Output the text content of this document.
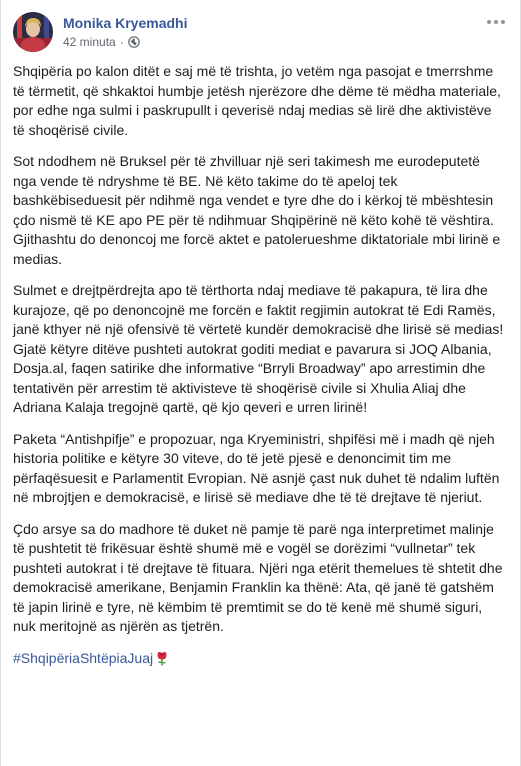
Monika Kryemadhi
42 minuta ·

Shqipëria po kalon ditët e saj më të trishta, jo vetëm nga pasojat e tmerrshme të tërmetit, që shkaktoi humbje jetësh njerëzore dhe dëme të mëdha materiale, por edhe nga sulmi i paskrupullt i qeverisë ndaj medias së lirë dhe aktivistëve të shoqërisë civile.

Sot ndodhem në Bruksel për të zhvilluar një seri takimesh me eurodeputetë nga vende të ndryshme të BE. Në këto takime do të apeloj tek bashkëbiseduesit për ndihmë nga vendet e tyre dhe do i kërkoj të mbështesin çdo nismë të KE apo PE për të ndihmuar Shqipërinë në këto kohë të vështira. Gjithashtu do denoncoj me forcë aktet e patolerueshme diktatoriale mbi lirinë e medias.

Sulmet e drejtpërdrejta apo të tërthorta ndaj mediave të pakapura, të lira dhe kurajoze, që po denoncojnë me forcën e faktit regjimin autokrat të Edi Ramës, janë kthyer në një ofensivë të vërtetë kundër demokracisë dhe lirisë së medias! Gjatë këtyre ditëve pushteti autokrat goditi mediat e pavarura si JOQ Albania, Dosja.al, faqen satirike dhe informative “Brryli Broadway” apo arrestimin dhe tentativën për arrestim të aktivisteve të shoqërisë civile si Xhulia Aliaj dhe Adriana Kalaja tregojnë qartë, që kjo qeveri e urren lirinë!

Paketa “Antishpifje” e propozuar, nga Kryeministri, shpifësi më i madh që njeh historia politike e këtyre 30 viteve, do të jetë pjesë e denoncimit tim me përfaqësuesit e Parlamentit Evropian. Në asnjë çast nuk duhet të ndalim luftën në mbrojtjen e demokracisë, e lirisë së mediave dhe të të drejtave të njeriut.

Çdo arsye sa do madhore të duket në pamje të parë nga interpretimet malinje të pushtetit të frikësuar është shumë më e vogël se dorëzimi “vullnetar” tek pushteti autokrat i të drejtave të fituara. Njëri nga etërit themelues të shtetit dhe demokracisë amerikane, Benjamin Franklin ka thënë: Ata, që janë të gatshëm të japin lirinë e tyre, në këmbim të premtimit se do të kenë më shumë siguri, nuk meritojnë as njërën as tjetrën.

#ShqipëriaShtëpiaJuaj
